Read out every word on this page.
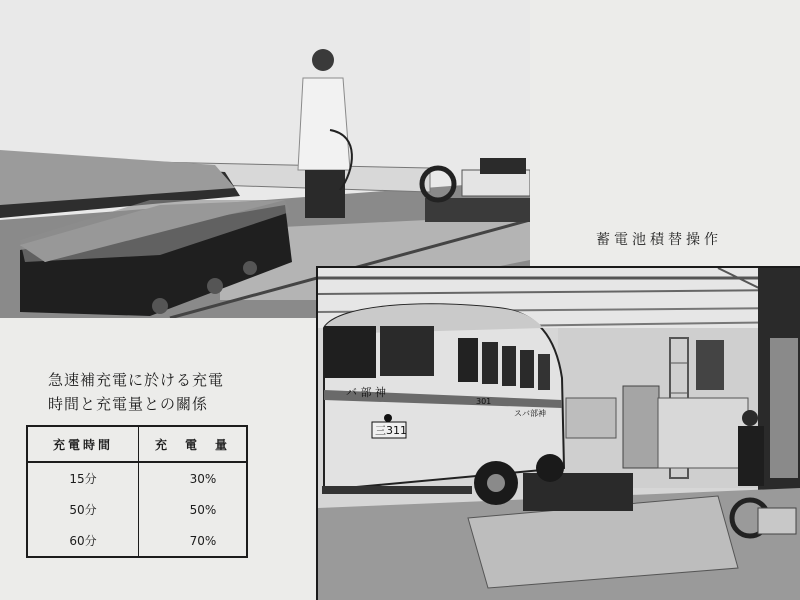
蓄電池積替操作
バ 部 神
三311
301
スバ部神
急速補充電に於ける充電
時間と充電量との關係
充電時間	充　電　量
15分	30%
50分	50%
60分	70%
